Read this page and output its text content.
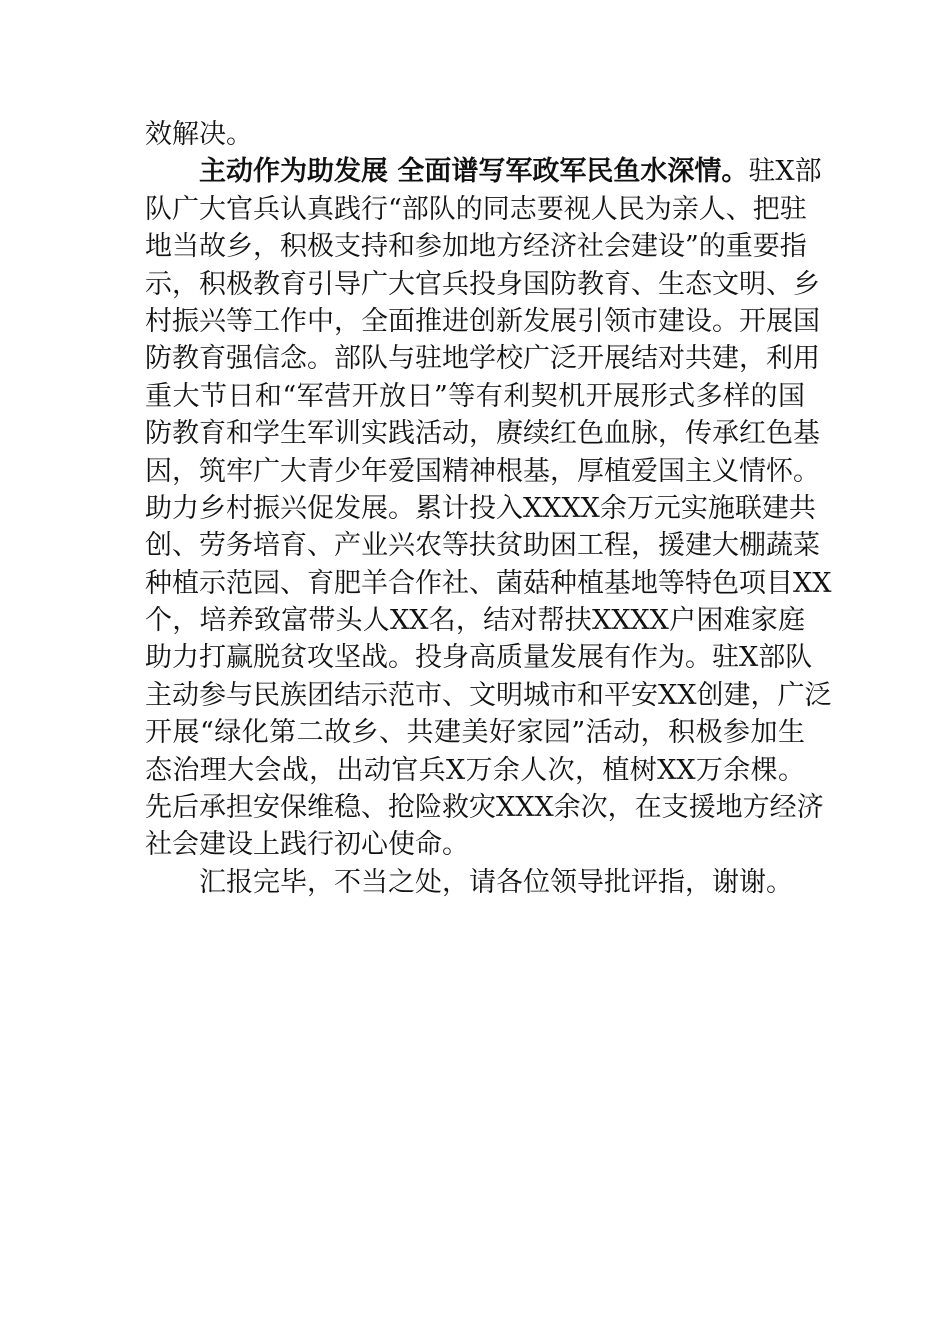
效解决。
主动作为助发展 全面谱写军政军民鱼水深情。驻X部
队广大官兵认真践行“部队的同志要视人民为亲人、把驻
地当故乡，积极支持和参加地方经济社会建设”的重要指
示，积极教育引导广大官兵投身国防教育、生态文明、乡
村振兴等工作中，全面推进创新发展引领市建设。开展国
防教育强信念。部队与驻地学校广泛开展结对共建，利用
重大节日和“军营开放日”等有利契机开展形式多样的国
防教育和学生军训实践活动，赓续红色血脉，传承红色基
因，筑牢广大青少年爱国精神根基，厚植爱国主义情怀。
助力乡村振兴促发展。累计投入XXXX余万元实施联建共
创、劳务培育、产业兴农等扶贫助困工程，援建大棚蔬菜
种植示范园、育肥羊合作社、菌菇种植基地等特色项目XX
个，培养致富带头人XX名，结对帮扶XXXX户困难家庭
助力打赢脱贫攻坚战。投身高质量发展有作为。驻X部队
主动参与民族团结示范市、文明城市和平安XX创建，广泛
开展“绿化第二故乡、共建美好家园”活动，积极参加生
态治理大会战，出动官兵X万余人次，植树XX万余棵。
先后承担安保维稳、抢险救灾XXX余次，在支援地方经济
社会建设上践行初心使命。
汇报完毕，不当之处，请各位领导批评指，谢谢。
